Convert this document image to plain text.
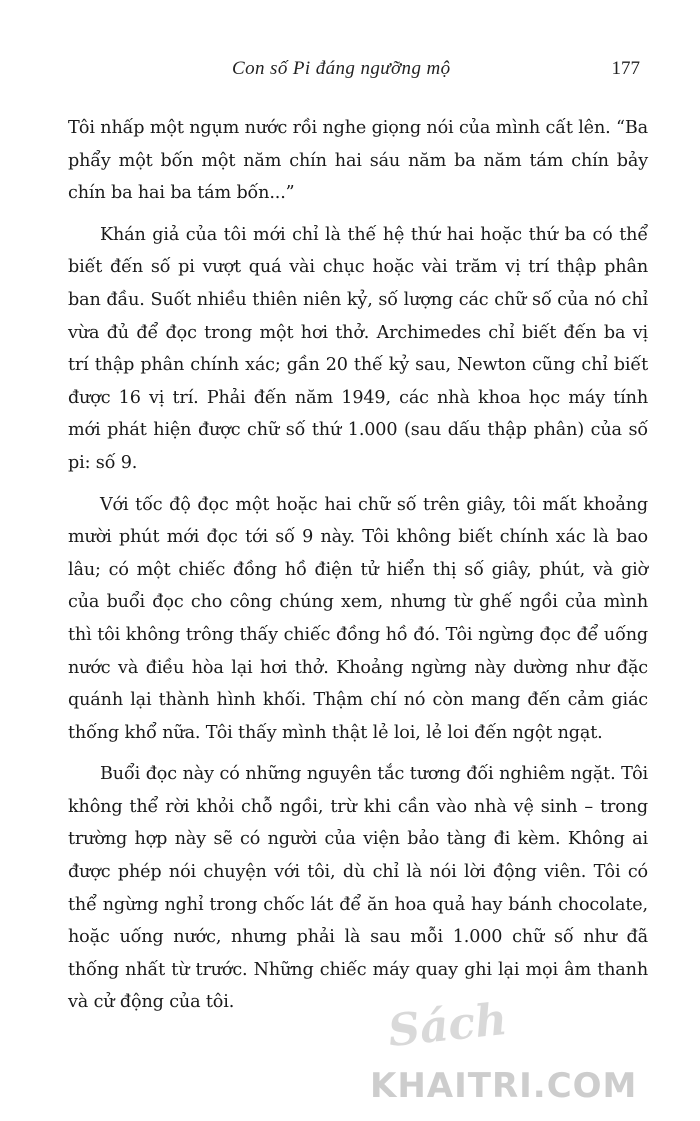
Con số Pi đáng ngưỡng mộ	177

Tôi nhấp một ngụm nước rồi nghe giọng nói của mình cất lên. “Ba phẩy một bốn một năm chín hai sáu năm ba năm tám chín bảy chín ba hai ba tám bốn...”

Khán giả của tôi mới chỉ là thế hệ thứ hai hoặc thứ ba có thể biết đến số pi vượt quá vài chục hoặc vài trăm vị trí thập phân ban đầu. Suốt nhiều thiên niên kỷ, số lượng các chữ số của nó chỉ vừa đủ để đọc trong một hơi thở. Archimedes chỉ biết đến ba vị trí thập phân chính xác; gần 20 thế kỷ sau, Newton cũng chỉ biết được 16 vị trí. Phải đến năm 1949, các nhà khoa học máy tính mới phát hiện được chữ số thứ 1.000 (sau dấu thập phân) của số pi: số 9.

Với tốc độ đọc một hoặc hai chữ số trên giây, tôi mất khoảng mười phút mới đọc tới số 9 này. Tôi không biết chính xác là bao lâu; có một chiếc đồng hồ điện tử hiển thị số giây, phút, và giờ của buổi đọc cho công chúng xem, nhưng từ ghế ngồi của mình thì tôi không trông thấy chiếc đồng hồ đó. Tôi ngừng đọc để uống nước và điều hòa lại hơi thở. Khoảng ngừng này dường như đặc quánh lại thành hình khối. Thậm chí nó còn mang đến cảm giác thống khổ nữa. Tôi thấy mình thật lẻ loi, lẻ loi đến ngột ngạt.

Buổi đọc này có những nguyên tắc tương đối nghiêm ngặt. Tôi không thể rời khỏi chỗ ngồi, trừ khi cần vào nhà vệ sinh – trong trường hợp này sẽ có người của viện bảo tàng đi kèm. Không ai được phép nói chuyện với tôi, dù chỉ là nói lời động viên. Tôi có thể ngừng nghỉ trong chốc lát để ăn hoa quả hay bánh chocolate, hoặc uống nước, nhưng phải là sau mỗi 1.000 chữ số như đã thống nhất từ trước. Những chiếc máy quay ghi lại mọi âm thanh và cử động của tôi.	Sách
KHAITRI.COM
